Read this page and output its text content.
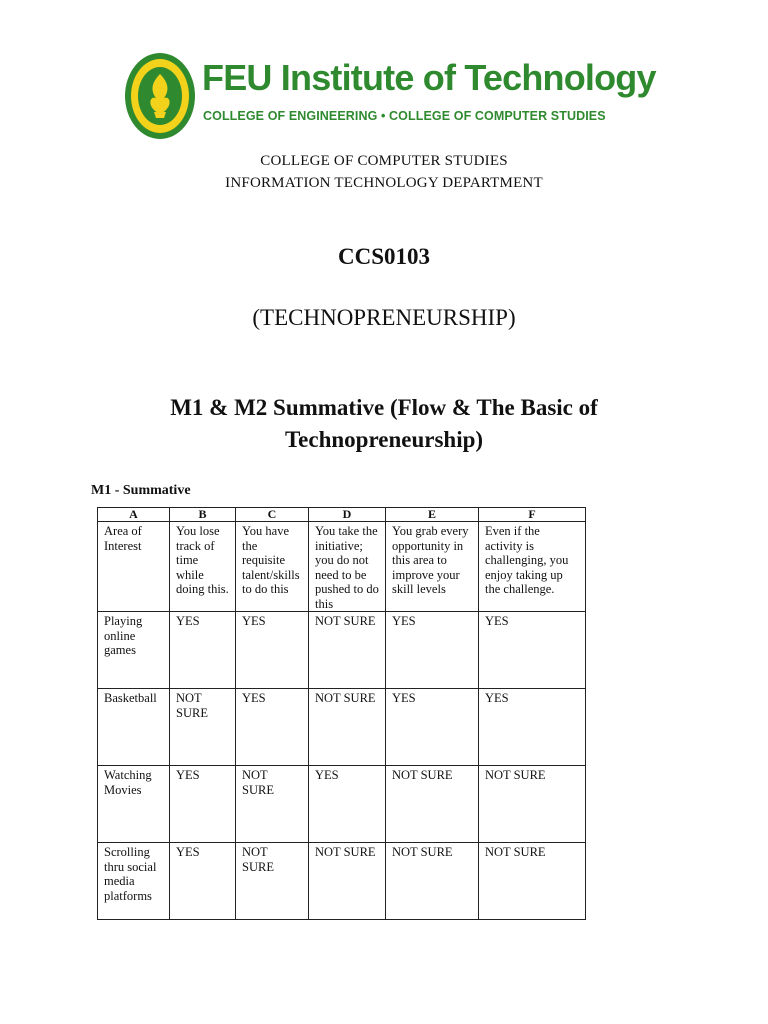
FEU Institute of Technology
COLLEGE OF ENGINEERING • COLLEGE OF COMPUTER STUDIES
COLLEGE OF COMPUTER STUDIES
INFORMATION TECHNOLOGY DEPARTMENT
CCS0103
(TECHNOPRENEURSHIP)
M1 & M2 Summative (Flow & The Basic of
Technopreneurship)
M1 - Summative
A	B	C	D	E	F
Area of Interest	You lose track of time while doing this.	You have the requisite talent/skills to do this	You take the initiative; you do not need to be pushed to do this	You grab every opportunity in this area to improve your skill levels	Even if the activity is challenging, you enjoy taking up the challenge.
Playing online games	YES	YES	NOT SURE	YES	YES
Basketball	NOT SURE	YES	NOT SURE	YES	YES
Watching Movies	YES	NOT SURE	YES	NOT SURE	NOT SURE
Scrolling thru social media platforms	YES	NOT SURE	NOT SURE	NOT SURE	NOT SURE
